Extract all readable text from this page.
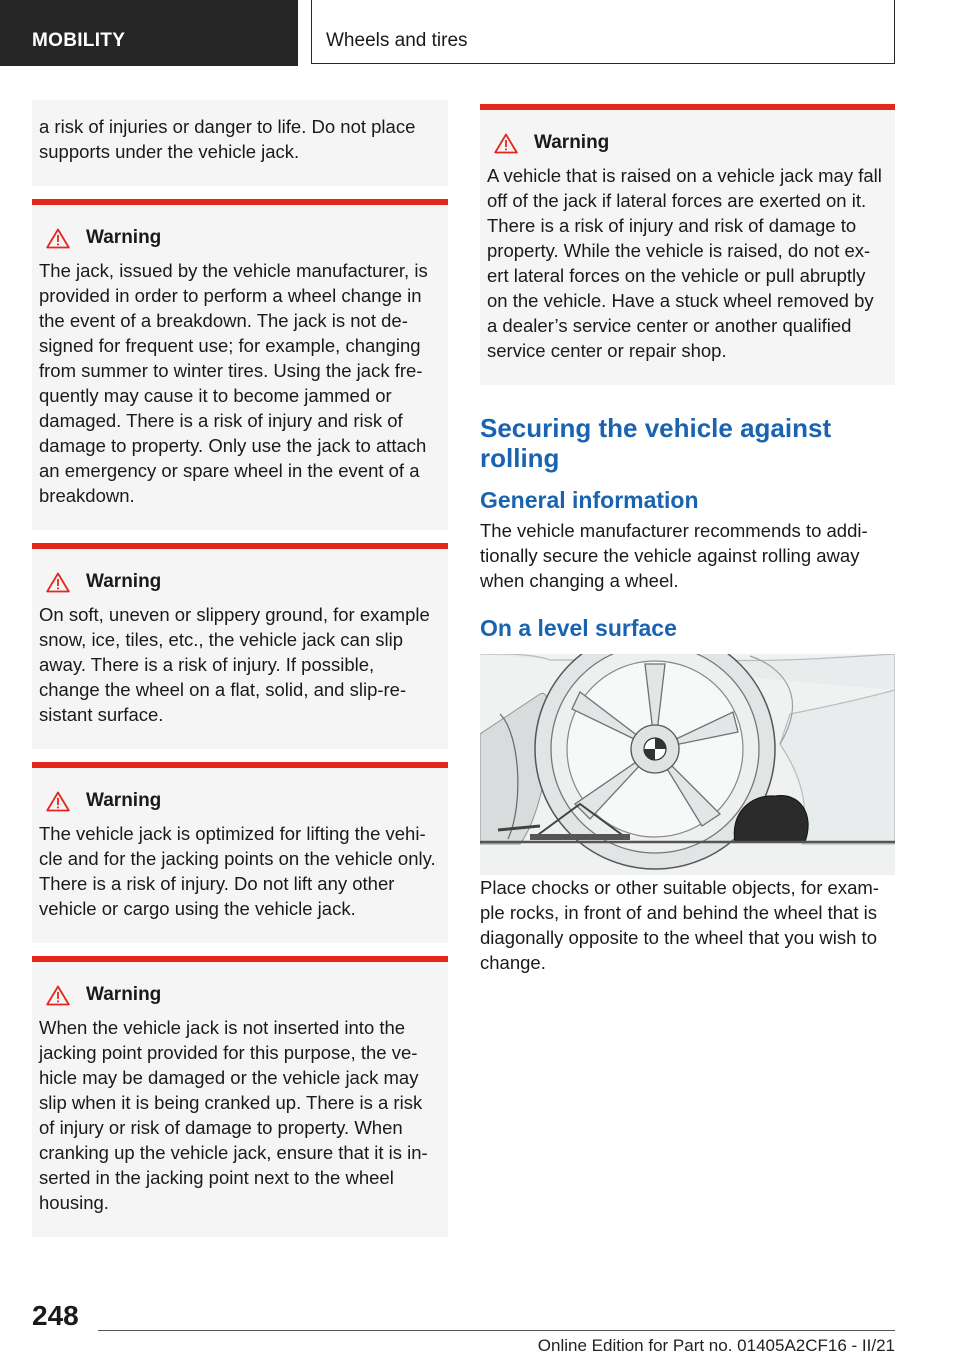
MOBILITY	Wheels and tires

a risk of injuries or danger to life. Do not place supports under the vehicle jack.

Warning

The jack, issued by the vehicle manufacturer, is provided in order to perform a wheel change in the event of a breakdown. The jack is not de-signed for frequent use; for example, changing from summer to winter tires. Using the jack fre-quently may cause it to become jammed or damaged. There is a risk of injury and risk of damage to property. Only use the jack to attach an emergency or spare wheel in the event of a breakdown.

Warning

On soft, uneven or slippery ground, for example snow, ice, tiles, etc., the vehicle jack can slip away. There is a risk of injury. If possible, change the wheel on a flat, solid, and slip-re-sistant surface.

Warning

The vehicle jack is optimized for lifting the vehi-cle and for the jacking points on the vehicle only. There is a risk of injury. Do not lift any other vehicle or cargo using the vehicle jack.

Warning

When the vehicle jack is not inserted into the jacking point provided for this purpose, the ve-hicle may be damaged or the vehicle jack may slip when it is being cranked up. There is a risk of injury or risk of damage to property. When cranking up the vehicle jack, ensure that it is in-serted in the jacking point next to the wheel housing.

Warning

A vehicle that is raised on a vehicle jack may fall off of the jack if lateral forces are exerted on it. There is a risk of injury and risk of damage to property. While the vehicle is raised, do not ex-ert lateral forces on the vehicle or pull abruptly on the vehicle. Have a stuck wheel removed by a dealer’s service center or another qualified service center or repair shop.

Securing the vehicle against rolling
General information

The vehicle manufacturer recommends to addi-tionally secure the vehicle against rolling away when changing a wheel.

On a level surface

Place chocks or other suitable objects, for exam-ple rocks, in front of and behind the wheel that is diagonally opposite to the wheel that you wish to change.

248
Online Edition for Part no. 01405A2CF16 - II/21
